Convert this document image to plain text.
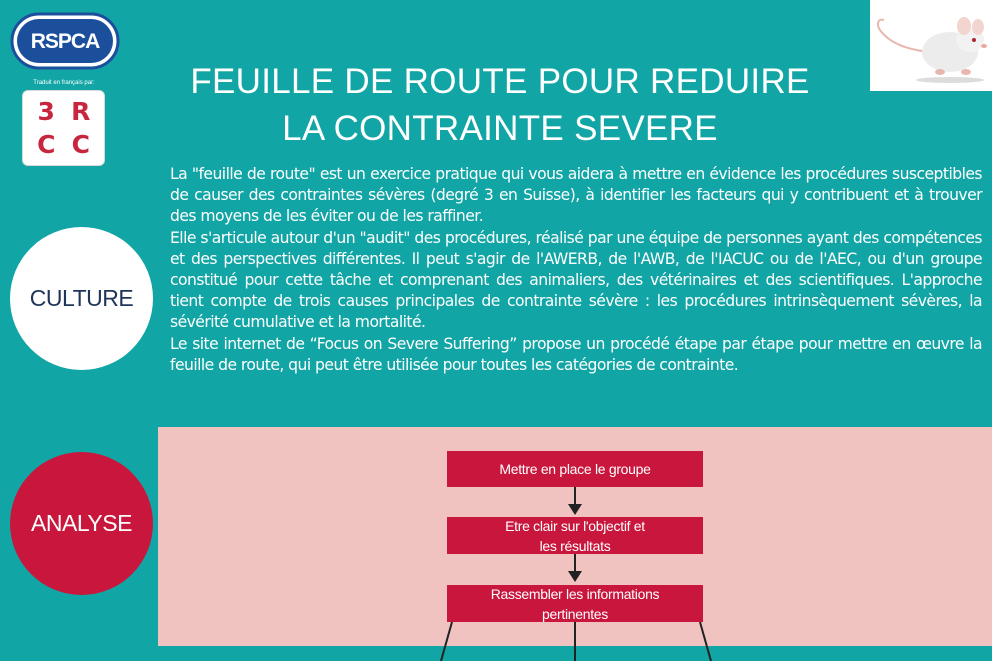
RSPCA
Traduit en français par:
3 R
C C
FEUILLE DE ROUTE POUR REDUIRE
LA CONTRAINTE SEVERE

La "feuille de route" est un exercice pratique qui vous aidera à mettre en évidence les procédures susceptibles de causer des contraintes sévères (degré 3 en Suisse), à identifier les facteurs qui y contribuent et à trouver des moyens de les éviter ou de les raffiner.

Elle s'articule autour d'un "audit" des procédures, réalisé par une équipe de personnes ayant des compétences et des perspectives différentes. Il peut s'agir de l'AWERB, de l'AWB, de l'IACUC ou de l'AEC, ou d'un groupe constitué pour cette tâche et comprenant des animaliers, des vétérinaires et des scientifiques. L'approche tient compte de trois causes principales de contrainte sévère : les procédures intrinsèquement sévères, la sévérité cumulative et la mortalité.

Le site internet de “Focus on Severe Suffering” propose un procédé étape par étape pour mettre en œuvre la feuille de route, qui peut être utilisée pour toutes les catégories de contrainte.

CULTURE
ANALYSE
Mettre en place le groupe
Etre clair sur l'objectif et
les résultats
Rassembler les informations
pertinentes
